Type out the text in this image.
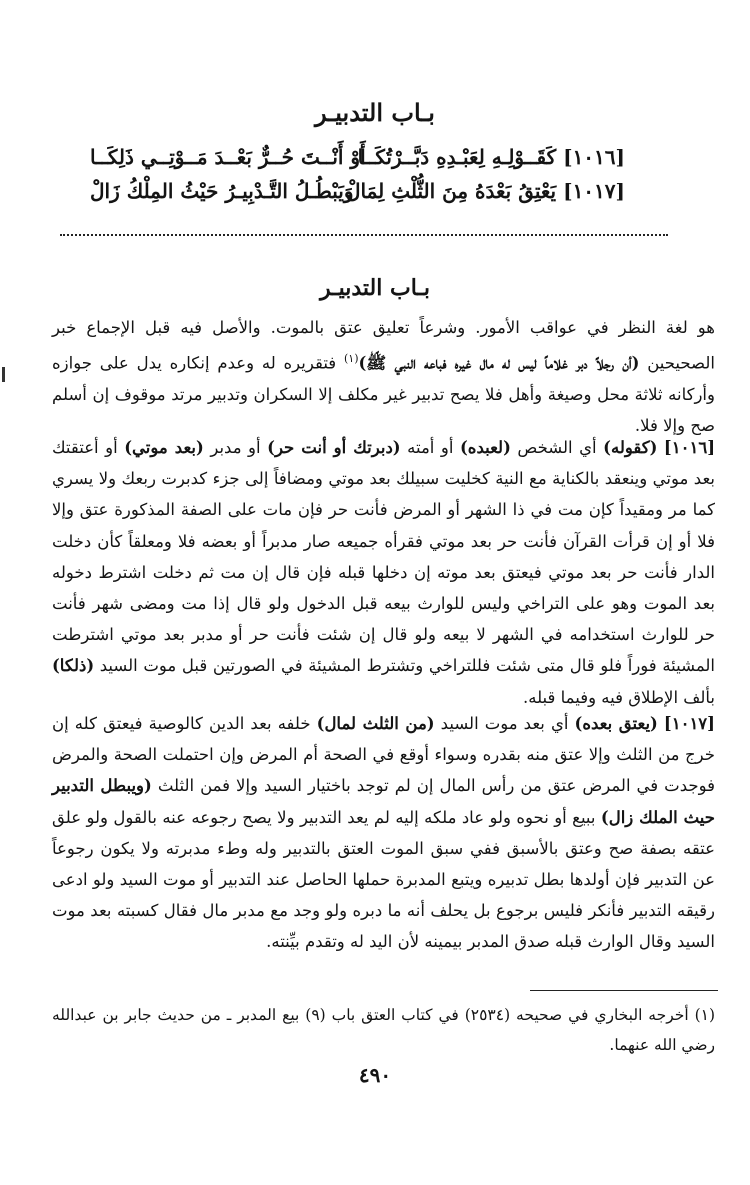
بـاب التدبيـر
[١٠١٦] كَقَــوْلِـهِ لِعَبْـدِهِ دَبَّــرْتُكَــا
أَوْ أَنْــتَ حُــرٌّ بَعْــدَ مَــوْتِــي ذَلِكَــا
[١٠١٧] يَعْتِقُ بَعْدَهُ مِنَ الثُّلْثِ لِمَالْ
وَيَبْطُـلُ التَّـدْبِيـرُ حَيْثُ المِلْكُ زَالْ
بـاب التدبيـر

هو لغة النظر في عواقب الأمور. وشرعاً تعليق عتق بالموت. والأصل فيه قبل الإجماع خبر الصحيحين (أن رجلاً دبر غلاماً ليس له مال غيره فباعه النبي ﷺ)$^{(١)}$ فتقريره له وعدم إنكاره يدل على جوازه وأركانه ثلاثة محل وصيغة وأهل فلا يصح تدبير غير مكلف إلا السكران وتدبير مرتد موقوف إن أسلم صح وإلا فلا.

[١٠١٦] (كقوله) أي الشخص (لعبده) أو أمته (دبرتك أو أنت حر) أو مدبر (بعد موتي) أو أعتقتك بعد موتي وينعقد بالكناية مع النية كخليت سبيلك بعد موتي ومضافاً إلى جزء كدبرت ربعك ولا يسري كما مر ومقيداً كإن مت في ذا الشهر أو المرض فأنت حر فإن مات على الصفة المذكورة عتق وإلا فلا أو إن قرأت القرآن فأنت حر بعد موتي فقرأه جميعه صار مدبراً أو بعضه فلا ومعلقاً كأن دخلت الدار فأنت حر بعد موتي فيعتق بعد موته إن دخلها قبله فإن قال إن مت ثم دخلت اشترط دخوله بعد الموت وهو على التراخي وليس للوارث بيعه قبل الدخول ولو قال إذا مت ومضى شهر فأنت حر للوارث استخدامه في الشهر لا بيعه ولو قال إن شئت فأنت حر أو مدبر بعد موتي اشترطت المشيئة فوراً فلو قال متى شئت فللتراخي وتشترط المشيئة في الصورتين قبل موت السيد (ذلكا) بألف الإطلاق فيه وفيما قبله.

[١٠١٧] (يعتق بعده) أي بعد موت السيد (من الثلث لمال) خلفه بعد الدين كالوصية فيعتق كله إن خرج من الثلث وإلا عتق منه بقدره وسواء أوقع في الصحة أم المرض وإن احتملت الصحة والمرض فوجدت في المرض عتق من رأس المال إن لم توجد باختيار السيد وإلا فمن الثلث (ويبطل التدبير حيث الملك زال) ببيع أو نحوه ولو عاد ملكه إليه لم يعد التدبير ولا يصح رجوعه عنه بالقول ولو علق عتقه بصفة صح وعتق بالأسبق ففي سبق الموت العتق بالتدبير وله وطء مدبرته ولا يكون رجوعاً عن التدبير فإن أولدها بطل تدبيره ويتبع المدبرة حملها الحاصل عند التدبير أو موت السيد ولو ادعى رقيقه التدبير فأنكر فليس برجوع بل يحلف أنه ما دبره ولو وجد مع مدبر مال فقال كسبته بعد موت السيد وقال الوارث قبله صدق المدبر بيمينه لأن اليد له وتقدم بيِّنته.

(١) أخرجه البخاري في صحيحه (٢٥٣٤) في كتاب العتق باب (٩) بيع المدبر ـ من حديث جابر بن عبدالله رضي الله عنهما.

٤٩٠
